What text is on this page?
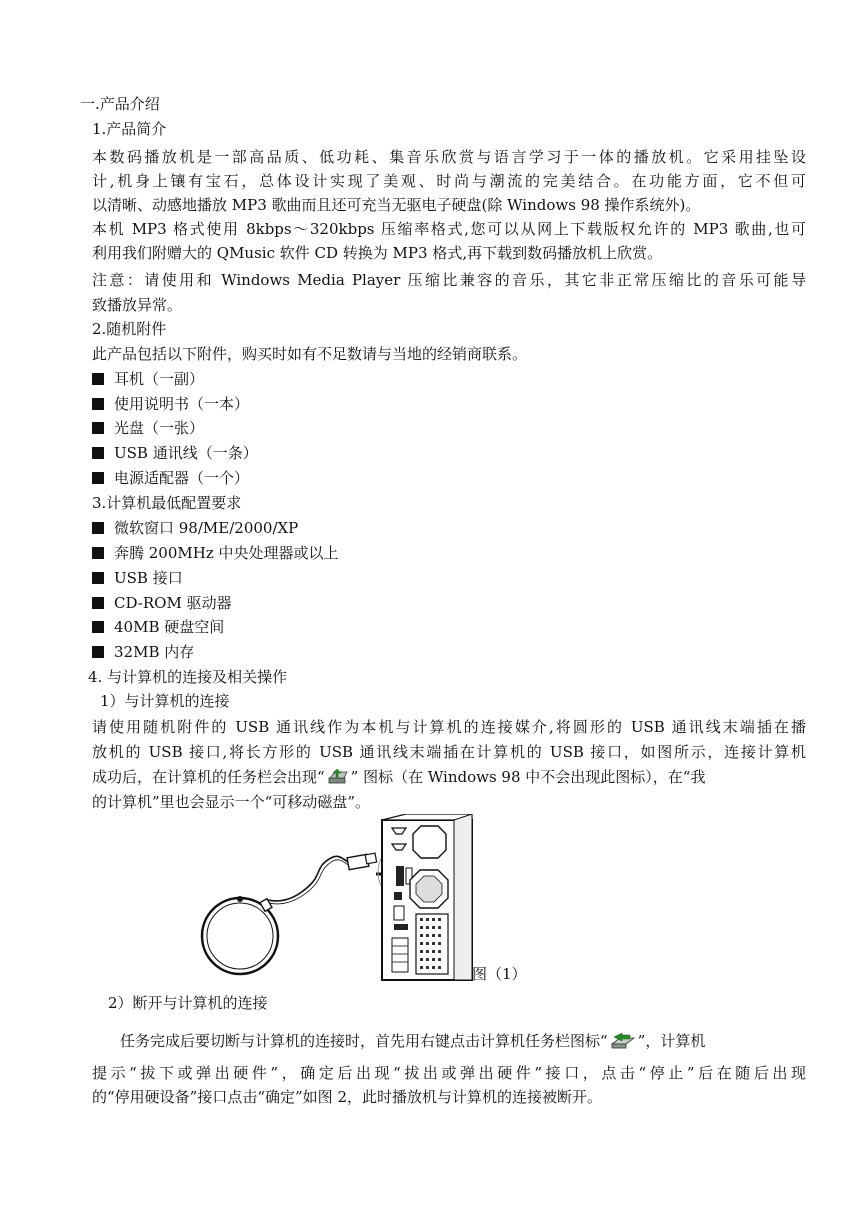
一.产品介绍
1.产品简介
本数码播放机是一部高品质、低功耗、集音乐欣赏与语言学习于一体的播放机。它采用挂坠设
计,机身上镶有宝石，总体设计实现了美观、时尚与潮流的完美结合。在功能方面，它不但可
以清晰、动感地播放 MP3 歌曲而且还可充当无驱电子硬盘(除 Windows 98 操作系统外)。
本机 MP3 格式使用 8kbps～320kbps 压缩率格式,您可以从网上下载版权允许的 MP3 歌曲,也可
利用我们附赠大的 QMusic 软件 CD 转换为 MP3 格式,再下载到数码播放机上欣赏。
注意：请使用和 Windows Media Player 压缩比兼容的音乐，其它非正常压缩比的音乐可能导
致播放异常。
2.随机附件
此产品包括以下附件，购买时如有不足数请与当地的经销商联系。
耳机（一副）
使用说明书（一本）
光盘（一张）
USB 通讯线（一条）
电源适配器（一个）
3.计算机最低配置要求
微软窗口 98/ME/2000/XP
奔腾 200MHz 中央处理器或以上
USB 接口
CD-ROM 驱动器
40MB 硬盘空间
32MB 内存
4. 与计算机的连接及相关操作
1）与计算机的连接
请使用随机附件的 USB 通讯线作为本机与计算机的连接媒介,将圆形的 USB 通讯线末端插在播
放机的 USB 接口,将长方形的 USB 通讯线末端插在计算机的 USB 接口，如图所示，连接计算机
成功后，在计算机的任务栏会出现“ ” 图标（在 Windows 98 中不会出现此图标），在“我
的计算机”里也会显示一个“可移动磁盘”。
图（1）
2）断开与计算机的连接
任务完成后要切断与计算机的连接时，首先用右键点击计算机任务栏图标“ ”，计算机
提示“拔下或弹出硬件”，确定后出现“拔出或弹出硬件”接口，点击“停止”后在随后出现
的“停用硬设备”接口点击“确定”如图 2，此时播放机与计算机的连接被断开。
